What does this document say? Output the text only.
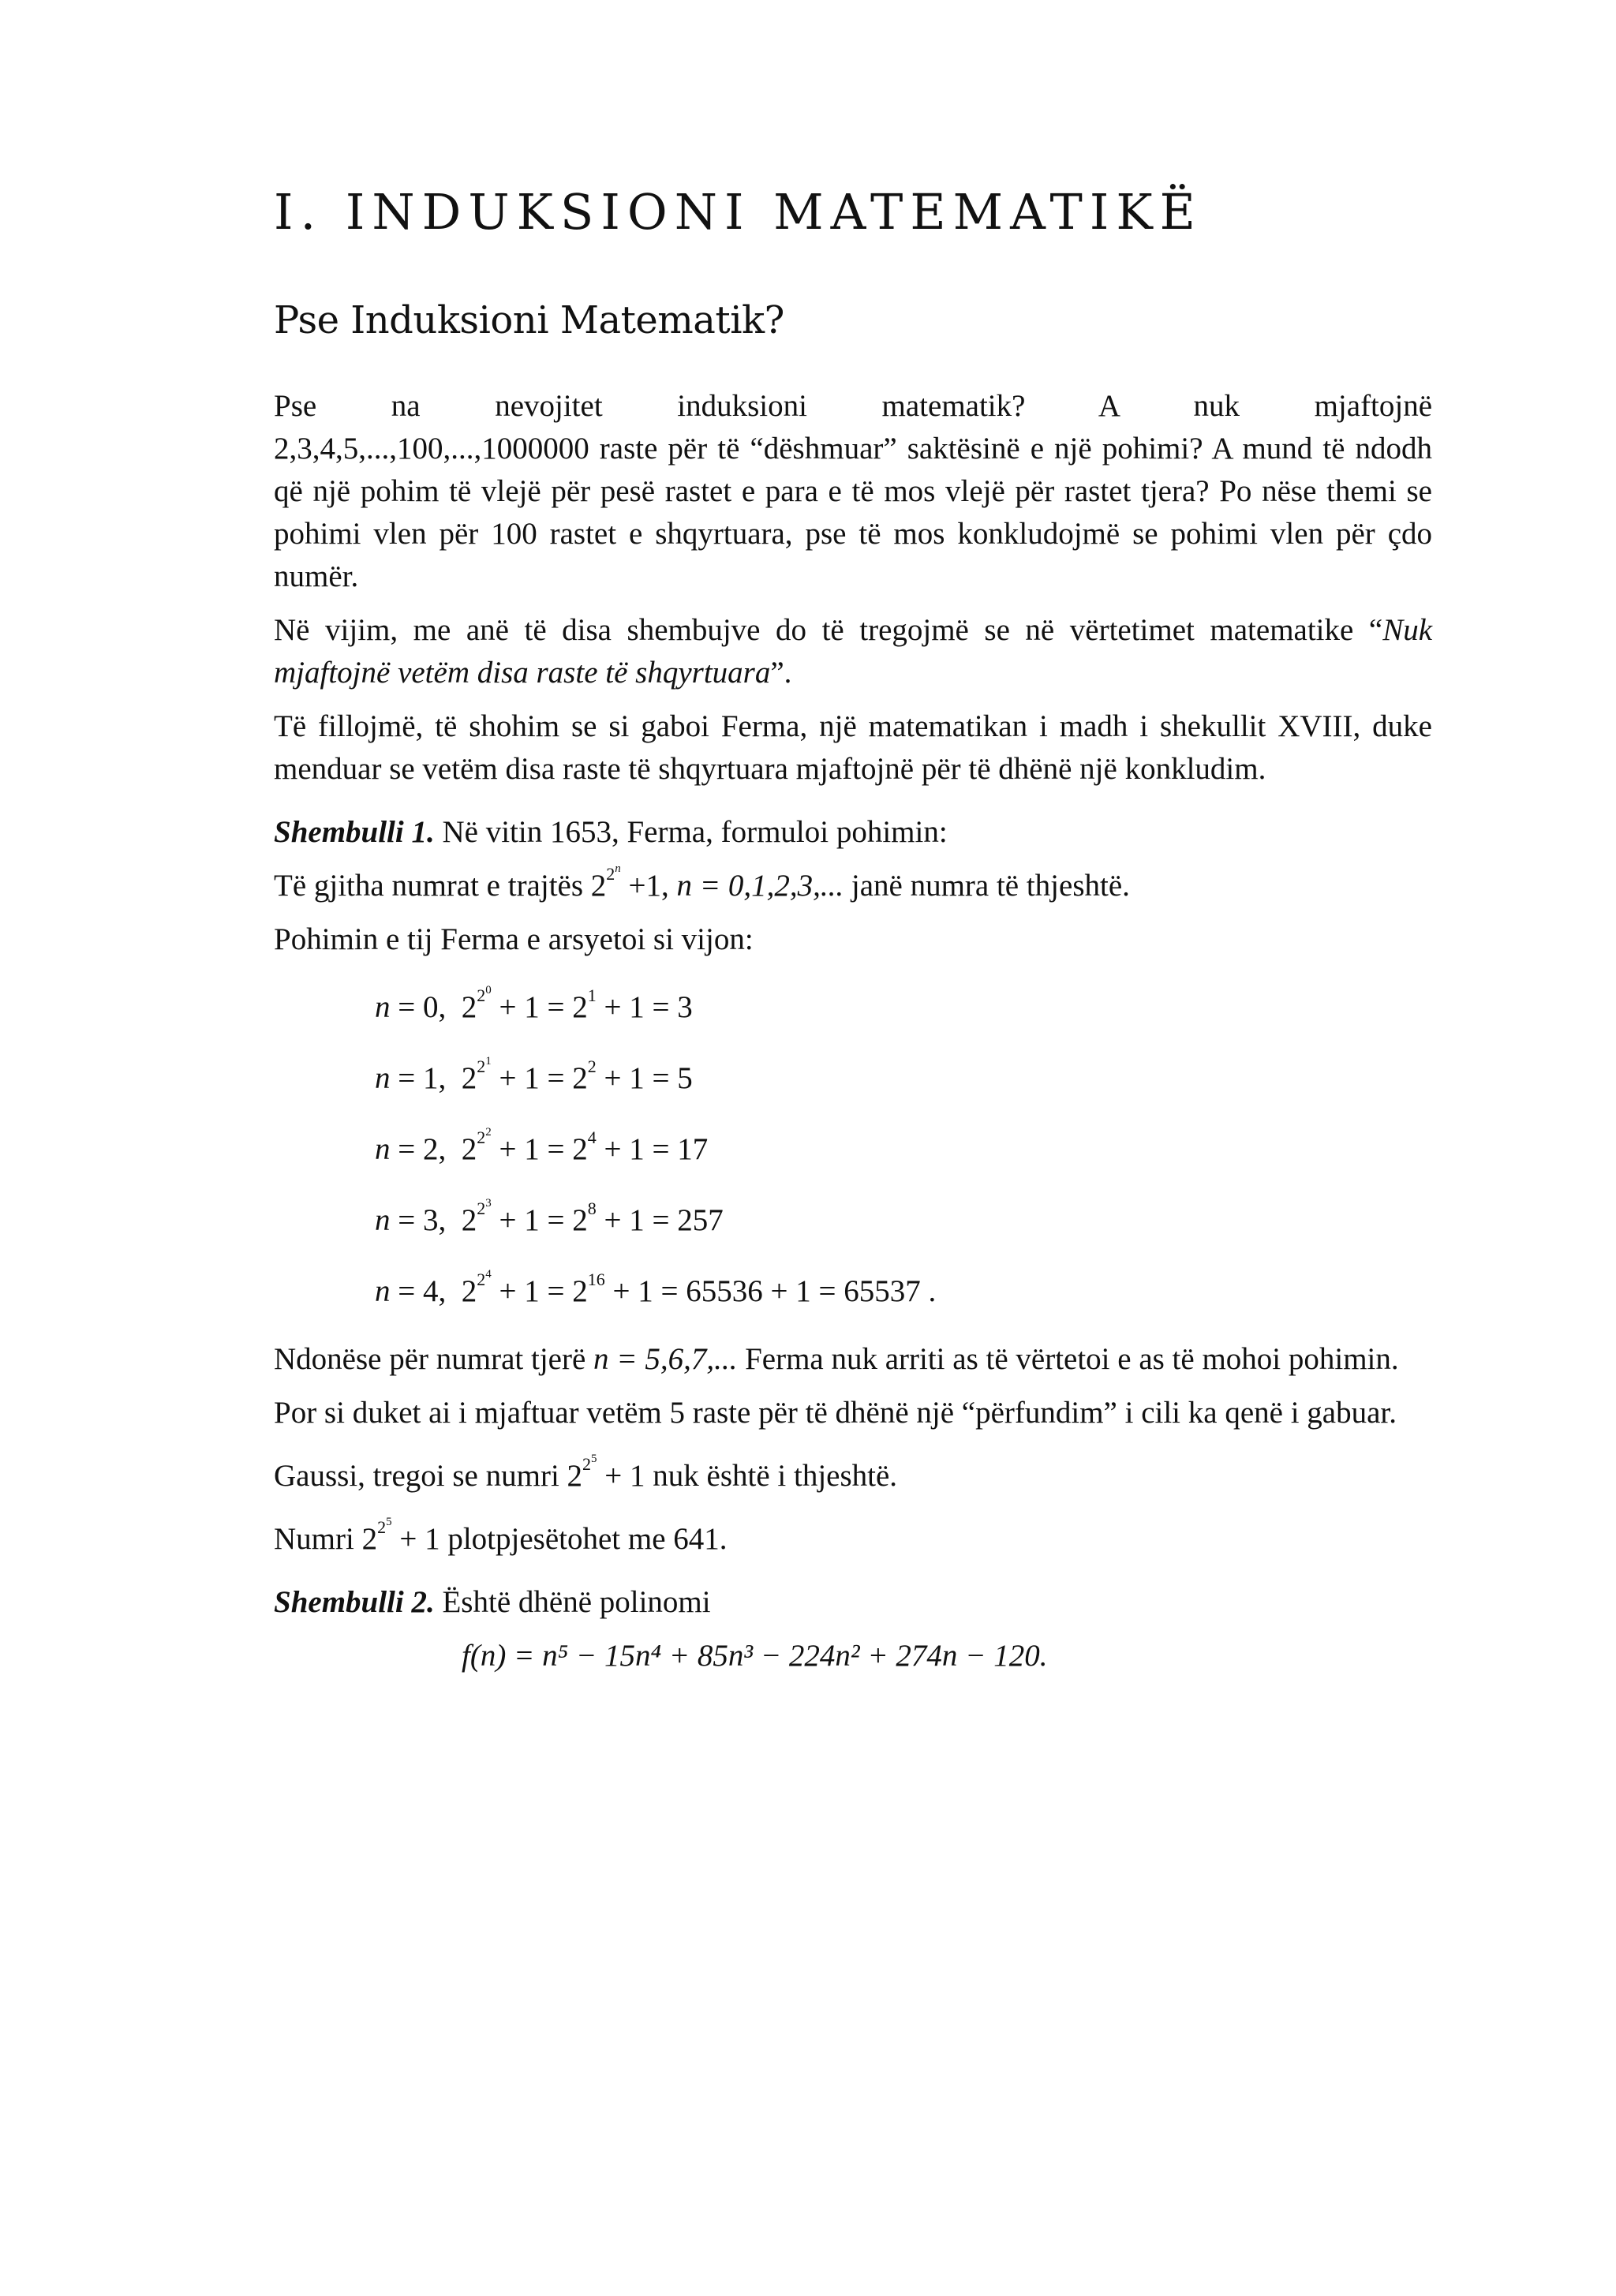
I. INDUKSIONI MATEMATIKË
Pse Induksioni Matematik?

Pse na nevojitet induksioni matematik? A nuk mjaftojnë

2,3,4,5,...,100,...,1000000 raste për të “dëshmuar” saktësinë e një pohimi? A mund të ndodh që një pohim të vlejë për pesë rastet e para e të mos vlejë për rastet tjera? Po nëse themi se pohimi vlen për 100 rastet e shqyrtuara, pse të mos konkludojmë se pohimi vlen për çdo numër.

Në vijim, me anë të disa shembujve do të tregojmë se në vërtetimet matematike “Nuk mjaftojnë vetëm disa raste të shqyrtuara”.

Të fillojmë, të shohim se si gaboi Ferma, një matematikan i madh i shekullit XVIII, duke menduar se vetëm disa raste të shqyrtuara mjaftojnë për të dhënë një konkludim.

Shembulli 1. Në vitin 1653, Ferma, formuloi pohimin:

Të gjitha numrat e trajtës $2^{2^n} +1$, n = 0,1,2,3,... janë numra të thjeshtë.

Pohimin e tij Ferma e arsyetoi si vijon:

n = 0,  $2^{2^0} + 1 = 2^1 + 1 = 3$
n = 1,  $2^{2^1} + 1 = 2^2 + 1 = 5$
n = 2,  $2^{2^2} + 1 = 2^4 + 1 = 17$
n = 3,  $2^{2^3} + 1 = 2^8 + 1 = 257$
n = 4,  $2^{2^4} + 1 = 2^{16} + 1 = 65536 + 1 = 65537$ .

Ndonëse për numrat tjerë n = 5,6,7,... Ferma nuk arriti as të vërtetoi e as të mohoi pohimin.

Por si duket ai i mjaftuar vetëm 5 raste për të dhënë një “përfundim” i cili ka qenë i gabuar.

Gaussi, tregoi se numri $2^{2^5} + 1$ nuk është i thjeshtë.

Numri $2^{2^5} + 1$ plotpjesëtohet me 641.

Shembulli 2. Është dhënë polinomi

f(n) = n⁵ − 15n⁴ + 85n³ − 224n² + 274n − 120.
